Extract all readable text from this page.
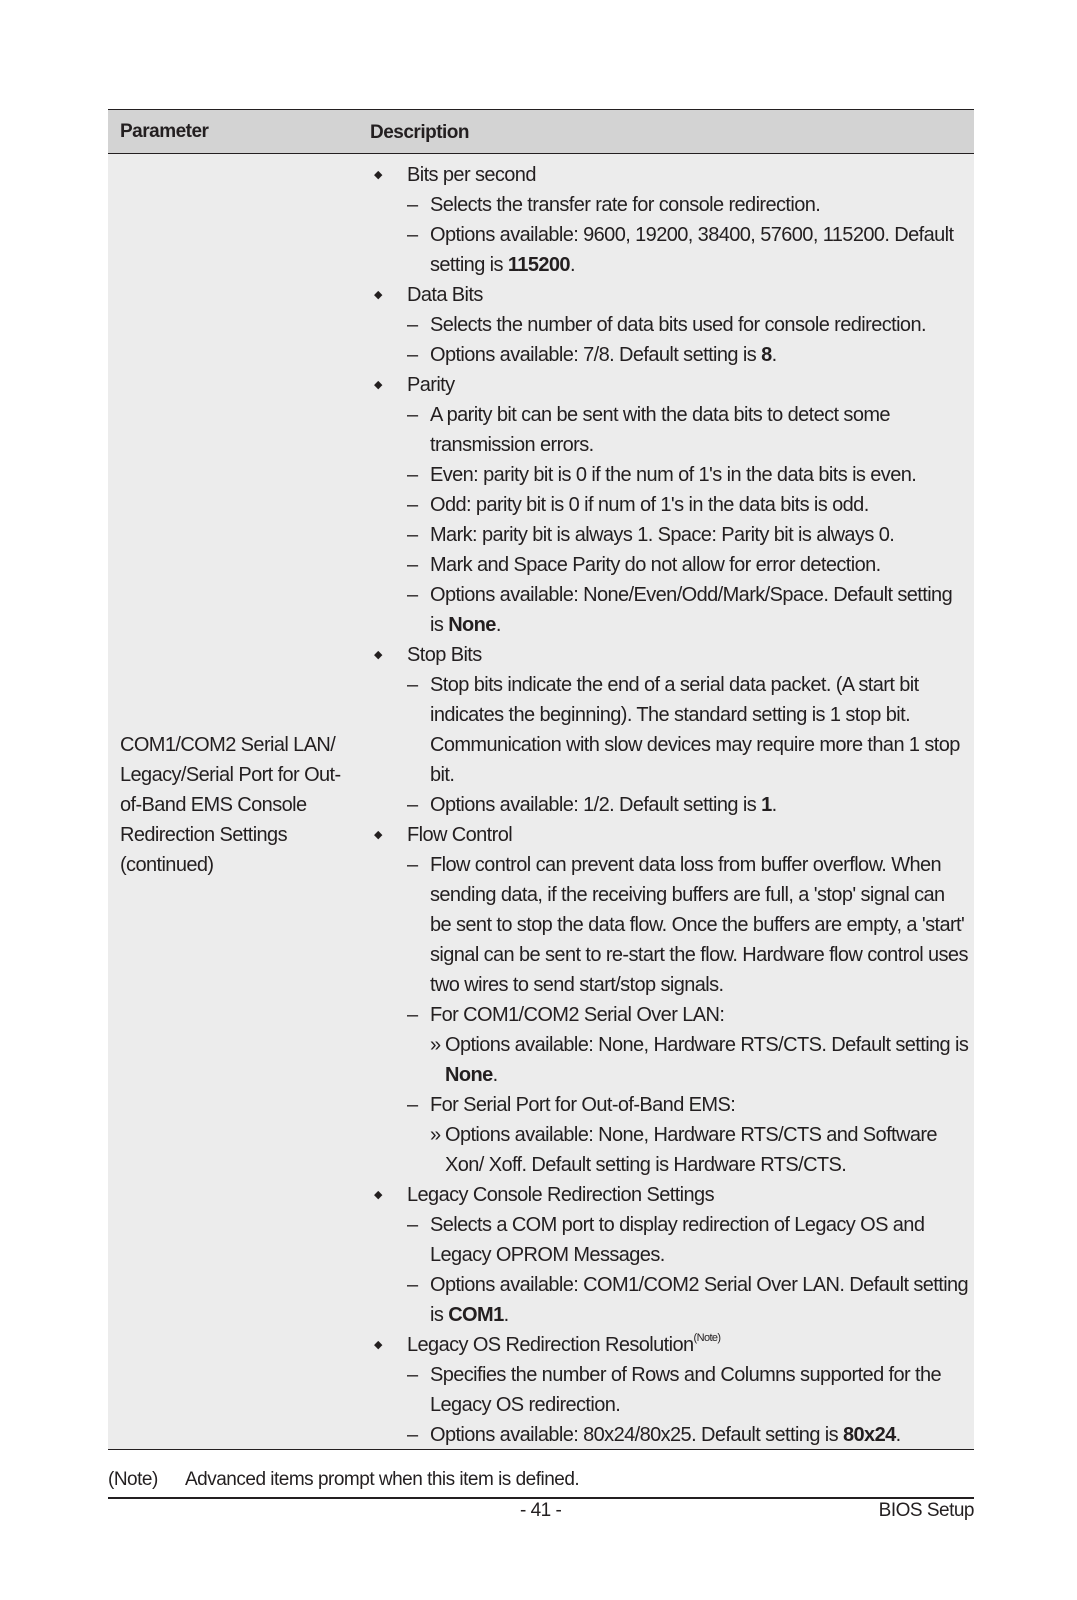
Parameter	Description
COM1/COM2 Serial LAN/
Legacy/Serial Port for Out-
of-Band EMS Console
Redirection Settings
(continued)
◆ Bits per second
– Selects the transfer rate for console redirection.
– Options available: 9600, 19200, 38400, 57600, 115200. Default setting is 115200.
◆ Data Bits
– Selects the number of data bits used for console redirection.
– Options available: 7/8. Default setting is 8.
◆ Parity
– A parity bit can be sent with the data bits to detect some transmission errors.
– Even: parity bit is 0 if the num of 1's in the data bits is even.
– Odd: parity bit is 0 if num of 1's in the data bits is odd.
– Mark: parity bit is always 1. Space: Parity bit is always 0.
– Mark and Space Parity do not allow for error detection.
– Options available: None/Even/Odd/Mark/Space. Default setting is None.
◆ Stop Bits
– Stop bits indicate the end of a serial data packet. (A start bit indicates the beginning). The standard setting is 1 stop bit. Communication with slow devices may require more than 1 stop bit.
– Options available: 1/2. Default setting is 1.
◆ Flow Control
– Flow control can prevent data loss from buffer overflow. When sending data, if the receiving buffers are full, a 'stop' signal can be sent to stop the data flow. Once the buffers are empty, a 'start' signal can be sent to re-start the flow. Hardware flow control uses two wires to send start/stop signals.
– For COM1/COM2 Serial Over LAN:
» Options available: None, Hardware RTS/CTS. Default setting is None.
– For Serial Port for Out-of-Band EMS:
» Options available: None, Hardware RTS/CTS and Software Xon/ Xoff. Default setting is Hardware RTS/CTS.
◆ Legacy Console Redirection Settings
– Selects a COM port to display redirection of Legacy OS and Legacy OPROM Messages.
– Options available: COM1/COM2 Serial Over LAN. Default setting is COM1.
◆ Legacy OS Redirection Resolution$^{(Note)}$
– Specifies the number of Rows and Columns supported for the Legacy OS redirection.
– Options available: 80x24/80x25. Default setting is 80x24.
(Note) Advanced items prompt when this item is defined.
- 41 -	BIOS Setup
